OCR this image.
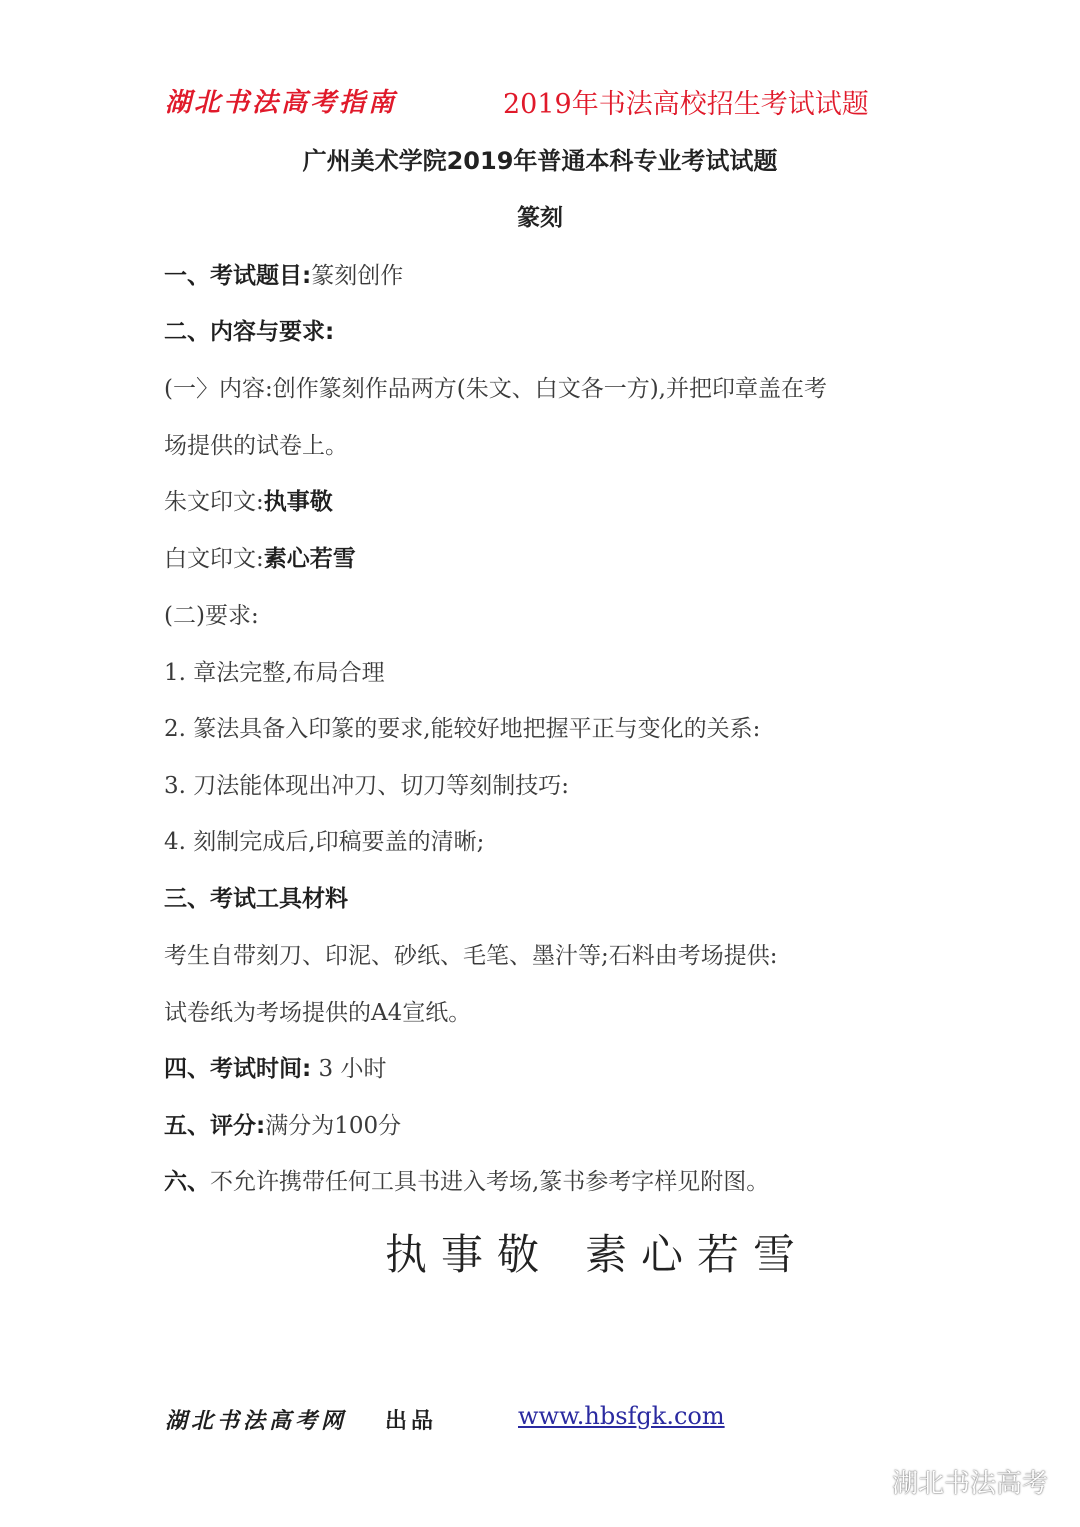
湖北书法高考指南	2019年书法高校招生考试试题
广州美术学院2019年普通本科专业考试试题
篆刻
一、考试题目:篆刻创作
二、内容与要求:
(一〉内容:创作篆刻作品两方(朱文、白文各一方),并把印章盖在考
场提供的试卷上。
朱文印文:执事敬
白文印文:素心若雪
(二)要求:
1. 章法完整,布局合理
2. 篆法具备入印篆的要求,能较好地把握平正与变化的关系:
3. 刀法能体现出冲刀、切刀等刻制技巧:
4. 刻制完成后,印稿要盖的清晰;
三、考试工具材料
考生自带刻刀、印泥、砂纸、毛笔、墨汁等;石料由考场提供:
试卷纸为考场提供的A4宣纸。
四、考试时间: 3 小时
五、评分:满分为100分
六、不允许携带任何工具书进入考场,篆书参考字样见附图。
执事敬 素心若雪
湖北书法高考网 出品	www.hbsfgk.com
湖北书法高考
